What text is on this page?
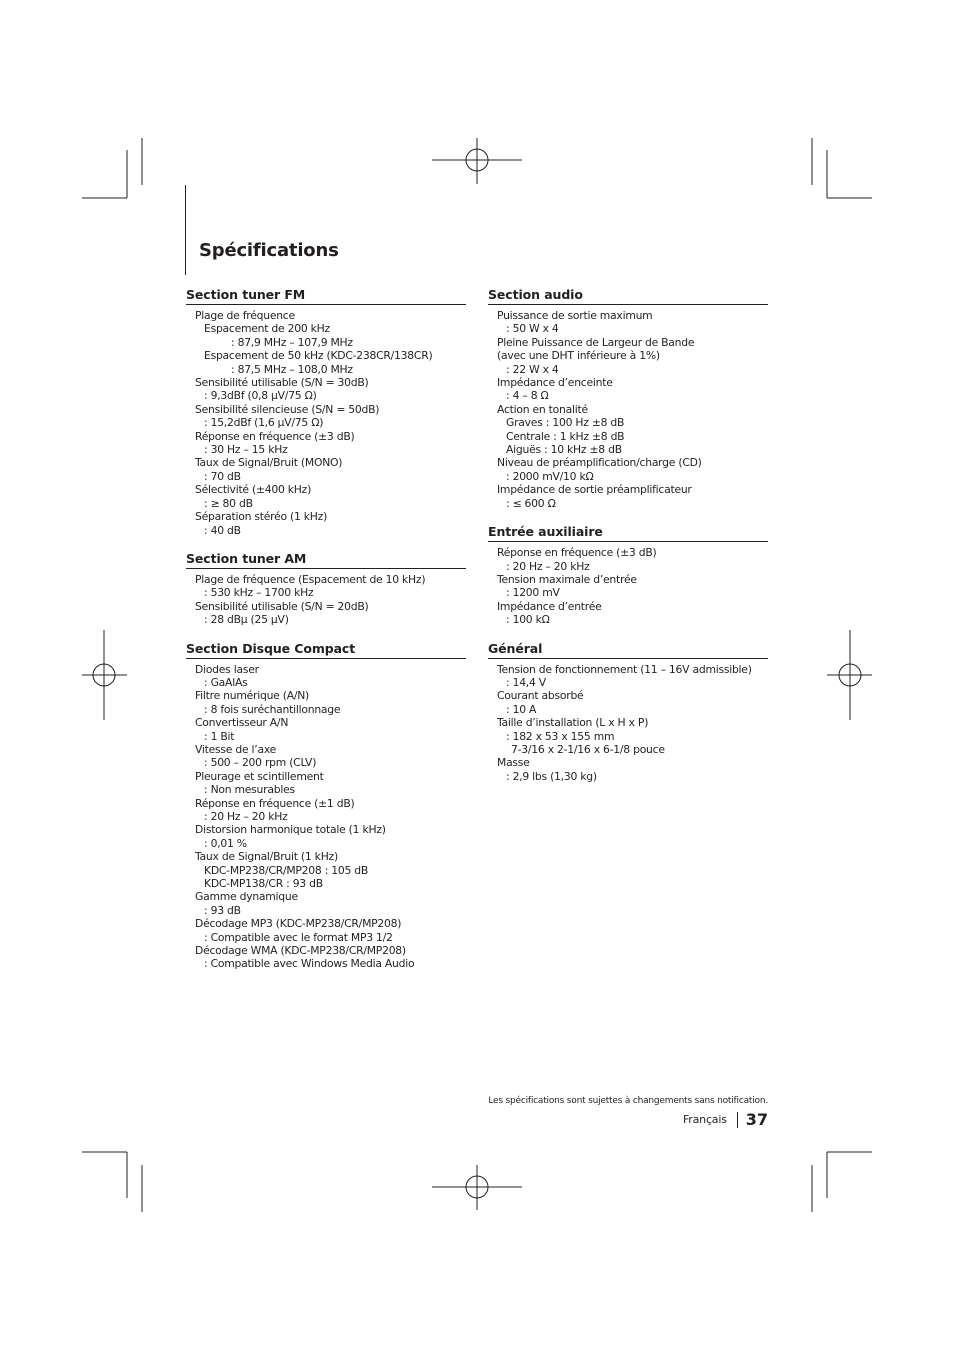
Spécifications
Section tuner FM
Plage de fréquence
Espacement de 200 kHz
: 87,9 MHz – 107,9 MHz
Espacement de 50 kHz (KDC-238CR/138CR)
: 87,5 MHz – 108,0 MHz
Sensibilité utilisable (S/N = 30dB)
: 9,3dBf (0,8 μV/75 Ω)
Sensibilité silencieuse (S/N = 50dB)
: 15,2dBf (1,6 μV/75 Ω)
Réponse en fréquence (±3 dB)
: 30 Hz – 15 kHz
Taux de Signal/Bruit (MONO)
: 70 dB
Sélectivité (±400 kHz)
: ≥ 80 dB
Séparation stéréo (1 kHz)
: 40 dB
Section tuner AM
Plage de fréquence (Espacement de 10 kHz)
: 530 kHz – 1700 kHz
Sensibilité utilisable (S/N = 20dB)
: 28 dBμ (25 μV)
Section Disque Compact
Diodes laser
: GaAlAs
Filtre numérique (A/N)
: 8 fois suréchantillonnage
Convertisseur A/N
: 1 Bit
Vitesse de l’axe
: 500 – 200 rpm (CLV)
Pleurage et scintillement
: Non mesurables
Réponse en fréquence (±1 dB)
: 20 Hz – 20 kHz
Distorsion harmonique totale (1 kHz)
: 0,01 %
Taux de Signal/Bruit (1 kHz)
KDC-MP238/CR/MP208 : 105 dB
KDC-MP138/CR : 93 dB
Gamme dynamique
: 93 dB
Décodage MP3 (KDC-MP238/CR/MP208)
: Compatible avec le format MP3 1/2
Décodage WMA (KDC-MP238/CR/MP208)
: Compatible avec Windows Media Audio
Section audio
Puissance de sortie maximum
: 50 W x 4
Pleine Puissance de Largeur de Bande
(avec une DHT inférieure à 1%)
: 22 W x 4
Impédance d’enceinte
: 4 – 8 Ω
Action en tonalité
Graves : 100 Hz ±8 dB
Centrale : 1 kHz ±8 dB
Aiguës : 10 kHz ±8 dB
Niveau de préamplification/charge (CD)
: 2000 mV/10 kΩ
Impédance de sortie préamplificateur
: ≤ 600 Ω
Entrée auxiliaire
Réponse en fréquence (±3 dB)
: 20 Hz – 20 kHz
Tension maximale d’entrée
: 1200 mV
Impédance d’entrée
: 100 kΩ
Général
Tension de fonctionnement (11 – 16V admissible)
: 14,4 V
Courant absorbé
: 10 A
Taille d’installation (L x H x P)
: 182 x 53 x 155 mm
7-3/16 x 2-1/16 x 6-1/8 pouce
Masse
: 2,9 lbs (1,30 kg)
Les spécifications sont sujettes à changements sans notification.
Français 37
